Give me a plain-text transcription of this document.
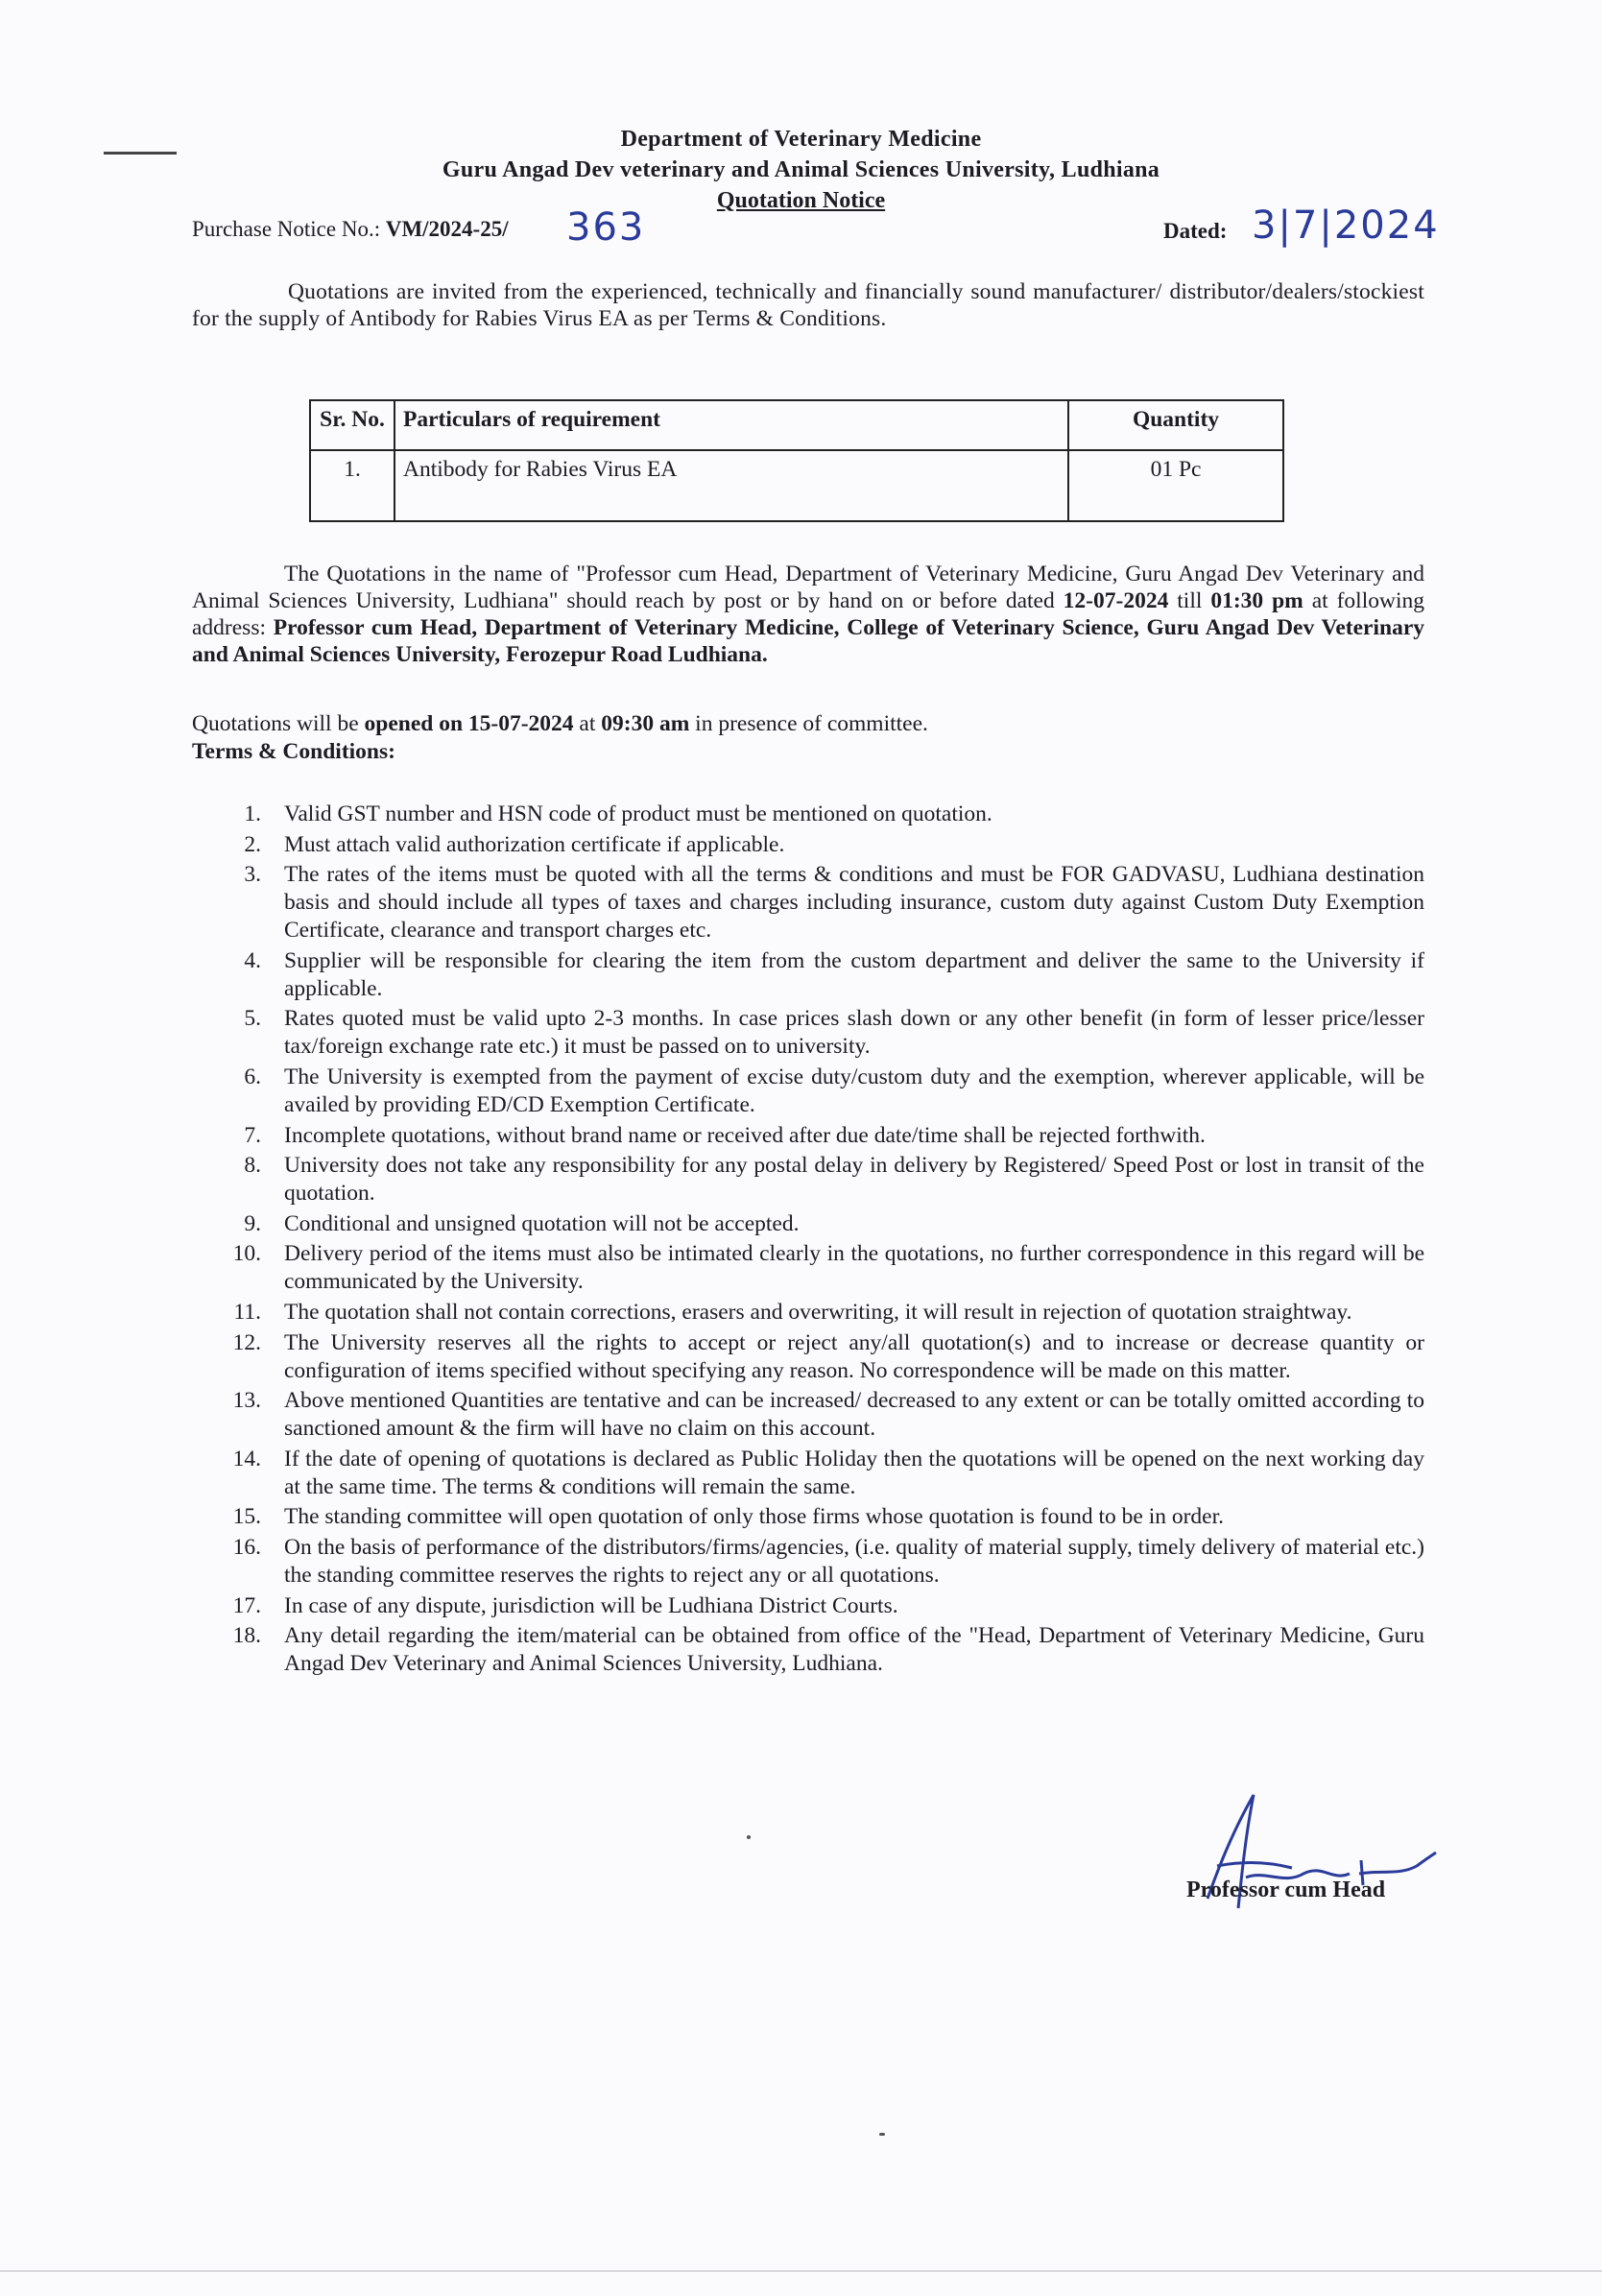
Department of Veterinary Medicine
Guru Angad Dev veterinary and Animal Sciences University, Ludhiana
Quotation Notice
Purchase Notice No.: VM/2024-25/ 363	Dated: 3|7|2024
Quotations are invited from the experienced, technically and financially sound manufacturer/ distributor/dealers/stockiest for the supply of Antibody for Rabies Virus EA as per Terms & Conditions.
Sr. No.	Particulars of requirement	Quantity
1.	Antibody for Rabies Virus EA	01 Pc
The Quotations in the name of "Professor cum Head, Department of Veterinary Medicine, Guru Angad Dev Veterinary and Animal Sciences University, Ludhiana" should reach by post or by hand on or before dated 12-07-2024 till 01:30 pm at following address: Professor cum Head, Department of Veterinary Medicine, College of Veterinary Science, Guru Angad Dev Veterinary and Animal Sciences University, Ferozepur Road Ludhiana.
Quotations will be opened on 15-07-2024 at 09:30 am in presence of committee.
Terms & Conditions:
1. Valid GST number and HSN code of product must be mentioned on quotation.
2. Must attach valid authorization certificate if applicable.
3. The rates of the items must be quoted with all the terms & conditions and must be FOR GADVASU, Ludhiana destination basis and should include all types of taxes and charges including insurance, custom duty against Custom Duty Exemption Certificate, clearance and transport charges etc.
4. Supplier will be responsible for clearing the item from the custom department and deliver the same to the University if applicable.
5. Rates quoted must be valid upto 2-3 months. In case prices slash down or any other benefit (in form of lesser price/lesser tax/foreign exchange rate etc.) it must be passed on to university.
6. The University is exempted from the payment of excise duty/custom duty and the exemption, wherever applicable, will be availed by providing ED/CD Exemption Certificate.
7. Incomplete quotations, without brand name or received after due date/time shall be rejected forthwith.
8. University does not take any responsibility for any postal delay in delivery by Registered/ Speed Post or lost in transit of the quotation.
9. Conditional and unsigned quotation will not be accepted.
10. Delivery period of the items must also be intimated clearly in the quotations, no further correspondence in this regard will be communicated by the University.
11. The quotation shall not contain corrections, erasers and overwriting, it will result in rejection of quotation straightway.
12. The University reserves all the rights to accept or reject any/all quotation(s) and to increase or decrease quantity or configuration of items specified without specifying any reason. No correspondence will be made on this matter.
13. Above mentioned Quantities are tentative and can be increased/ decreased to any extent or can be totally omitted according to sanctioned amount & the firm will have no claim on this account.
14. If the date of opening of quotations is declared as Public Holiday then the quotations will be opened on the next working day at the same time. The terms & conditions will remain the same.
15. The standing committee will open quotation of only those firms whose quotation is found to be in order.
16. On the basis of performance of the distributors/firms/agencies, (i.e. quality of material supply, timely delivery of material etc.) the standing committee reserves the rights to reject any or all quotations.
17. In case of any dispute, jurisdiction will be Ludhiana District Courts.
18. Any detail regarding the item/material can be obtained from office of the "Head, Department of Veterinary Medicine, Guru Angad Dev Veterinary and Animal Sciences University, Ludhiana.
Professor cum Head
